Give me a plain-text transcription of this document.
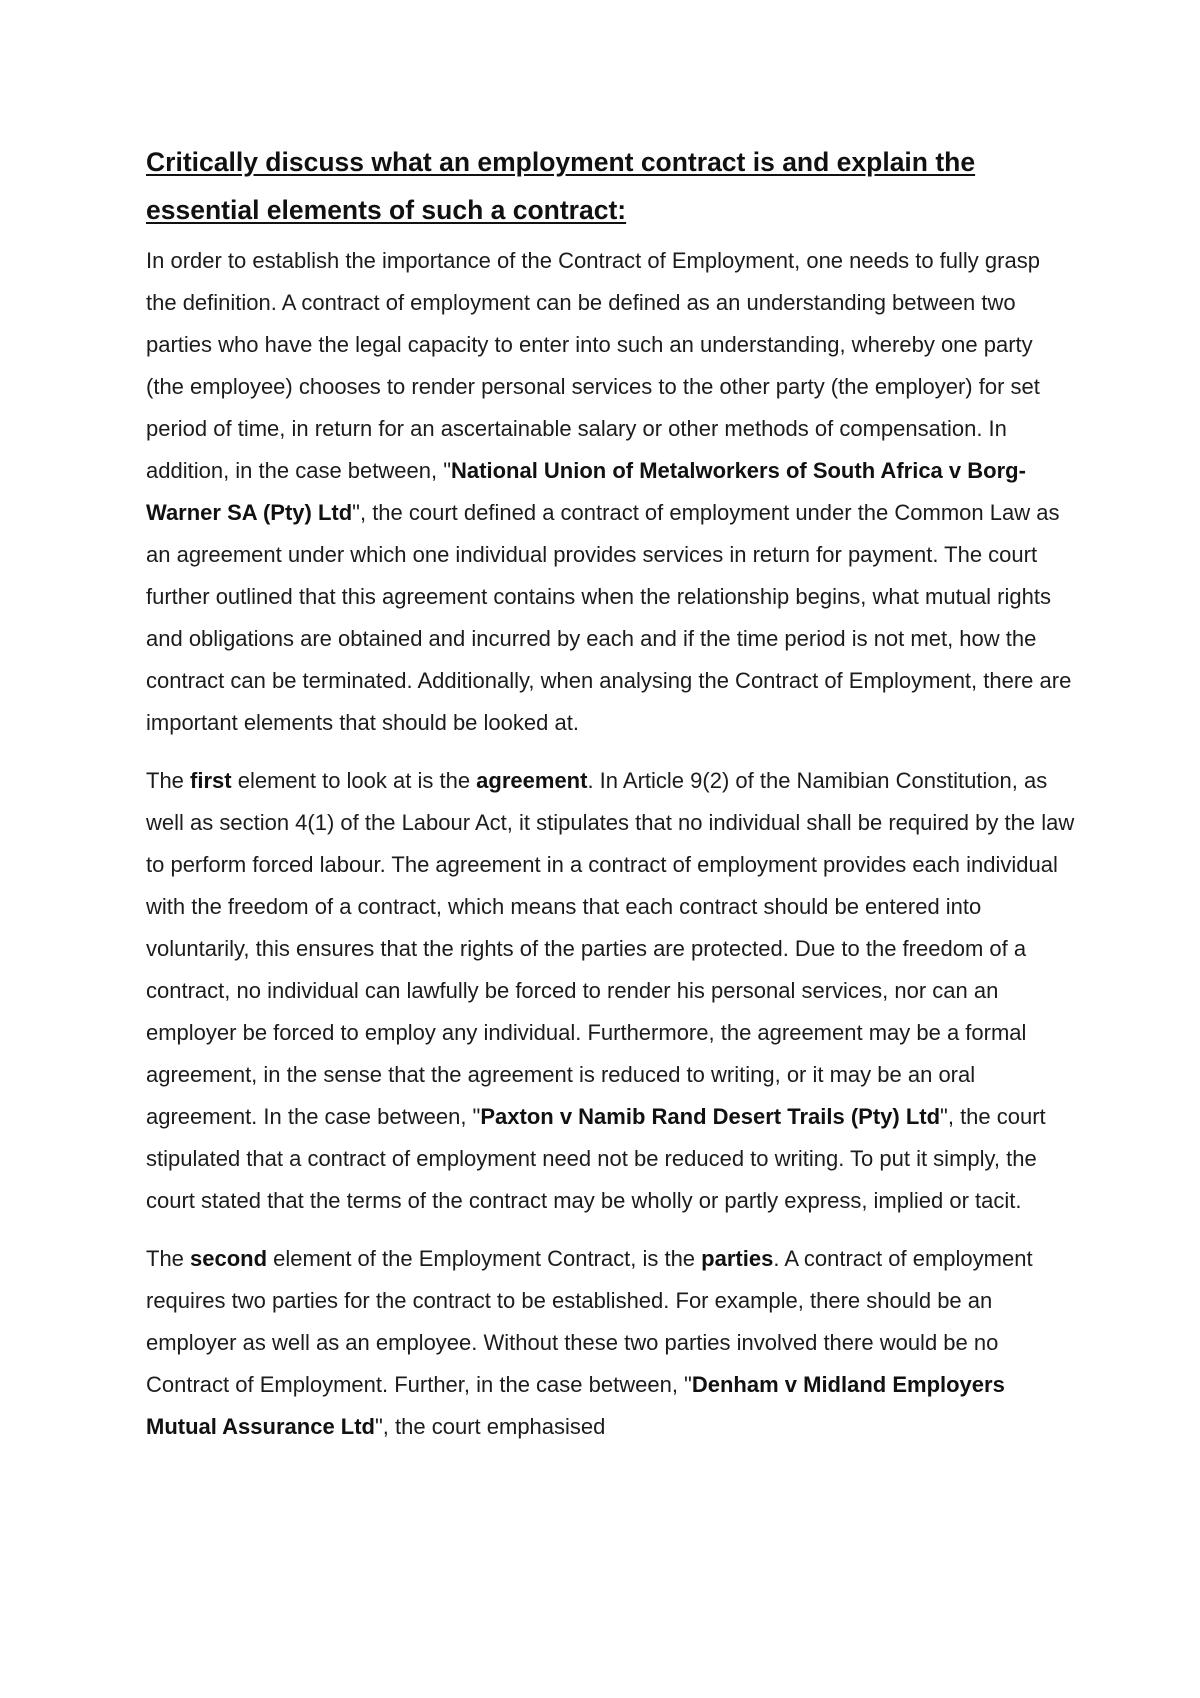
Critically discuss what an employment contract is and explain the essential elements of such a contract:

In order to establish the importance of the Contract of Employment, one needs to fully grasp the definition. A contract of employment can be defined as an understanding between two parties who have the legal capacity to enter into such an understanding, whereby one party (the employee) chooses to render personal services to the other party (the employer) for set period of time, in return for an ascertainable salary or other methods of compensation. In addition, in the case between, "National Union of Metalworkers of South Africa v Borg-Warner SA (Pty) Ltd", the court defined a contract of employment under the Common Law as an agreement under which one individual provides services in return for payment. The court further outlined that this agreement contains when the relationship begins, what mutual rights and obligations are obtained and incurred by each and if the time period is not met, how the contract can be terminated. Additionally, when analysing the Contract of Employment, there are important elements that should be looked at.

The first element to look at is the agreement. In Article 9(2) of the Namibian Constitution, as well as section 4(1) of the Labour Act, it stipulates that no individual shall be required by the law to perform forced labour. The agreement in a contract of employment provides each individual with the freedom of a contract, which means that each contract should be entered into voluntarily, this ensures that the rights of the parties are protected. Due to the freedom of a contract, no individual can lawfully be forced to render his personal services, nor can an employer be forced to employ any individual. Furthermore, the agreement may be a formal agreement, in the sense that the agreement is reduced to writing, or it may be an oral agreement. In the case between, "Paxton v Namib Rand Desert Trails (Pty) Ltd", the court stipulated that a contract of employment need not be reduced to writing. To put it simply, the court stated that the terms of the contract may be wholly or partly express, implied or tacit.

The second element of the Employment Contract, is the parties. A contract of employment requires two parties for the contract to be established. For example, there should be an employer as well as an employee. Without these two parties involved there would be no Contract of Employment. Further, in the case between, "Denham v Midland Employers Mutual Assurance Ltd", the court emphasised
